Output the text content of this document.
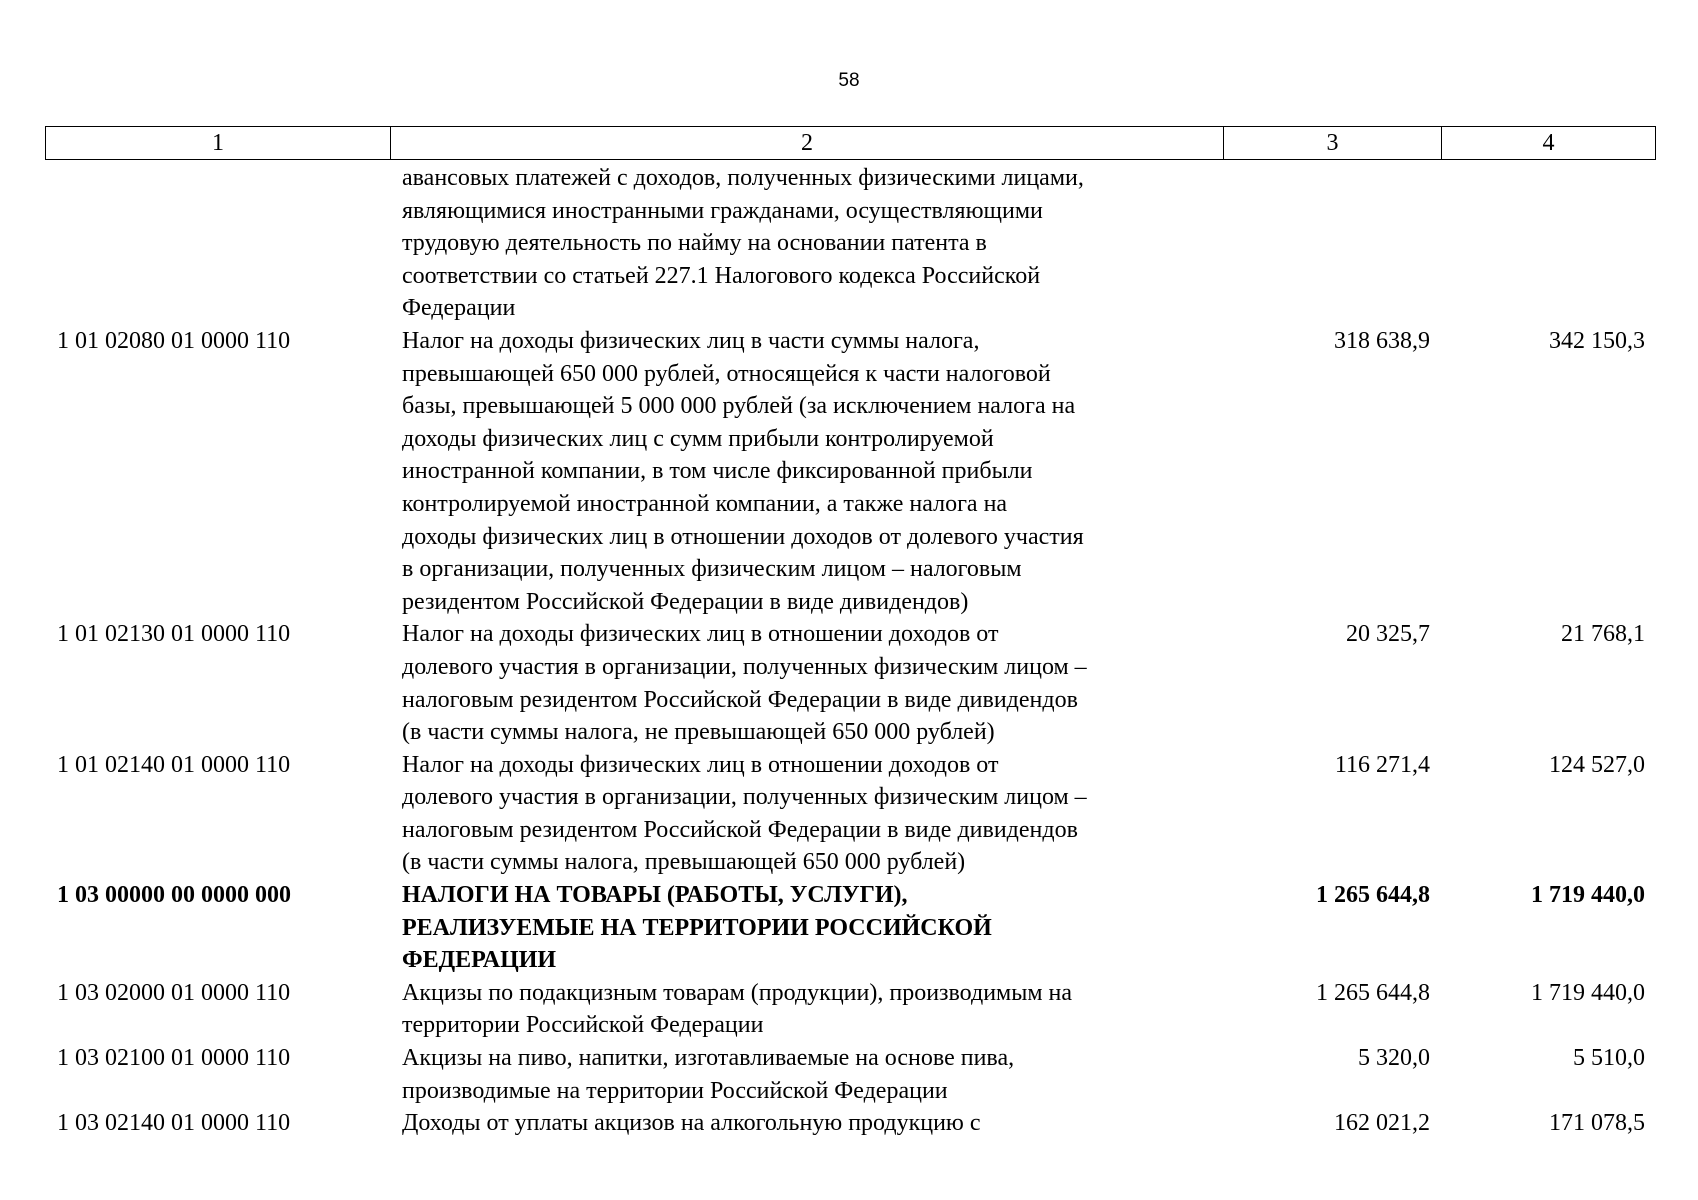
58
1	2	3	4
авансовых платежей с доходов, полученных физическими лицами,
являющимися иностранными гражданами, осуществляющими
трудовую деятельность по найму на основании патента в
соответствии со статьей 227.1 Налогового кодекса Российской
Федерации
1 01 02080 01 0000 110	Налог на доходы физических лиц в части суммы налога,
превышающей 650 000 рублей, относящейся к части налоговой
базы, превышающей 5 000 000 рублей (за исключением налога на
доходы физических лиц с сумм прибыли контролируемой
иностранной компании, в том числе фиксированной прибыли
контролируемой иностранной компании, а также налога на
доходы физических лиц в отношении доходов от долевого участия
в организации, полученных физическим лицом – налоговым
резидентом Российской Федерации в виде дивидендов)
318 638,9	342 150,3
1 01 02130 01 0000 110	Налог на доходы физических лиц в отношении доходов от
долевого участия в организации, полученных физическим лицом –
налоговым резидентом Российской Федерации в виде дивидендов
(в части суммы налога, не превышающей 650 000 рублей)
20 325,7	21 768,1
1 01 02140 01 0000 110	Налог на доходы физических лиц в отношении доходов от
долевого участия в организации, полученных физическим лицом –
налоговым резидентом Российской Федерации в виде дивидендов
(в части суммы налога, превышающей 650 000 рублей)
116 271,4	124 527,0
1 03 00000 00 0000 000	НАЛОГИ НА ТОВАРЫ (РАБОТЫ, УСЛУГИ),
РЕАЛИЗУЕМЫЕ НА ТЕРРИТОРИИ РОССИЙСКОЙ
ФЕДЕРАЦИИ
1 265 644,8	1 719 440,0
1 03 02000 01 0000 110	Акцизы по подакцизным товарам (продукции), производимым на
территории Российской Федерации
1 265 644,8	1 719 440,0
1 03 02100 01 0000 110	Акцизы на пиво, напитки, изготавливаемые на основе пива,
производимые на территории Российской Федерации
5 320,0	5 510,0
1 03 02140 01 0000 110	Доходы от уплаты акцизов на алкогольную продукцию с	162 021,2	171 078,5
